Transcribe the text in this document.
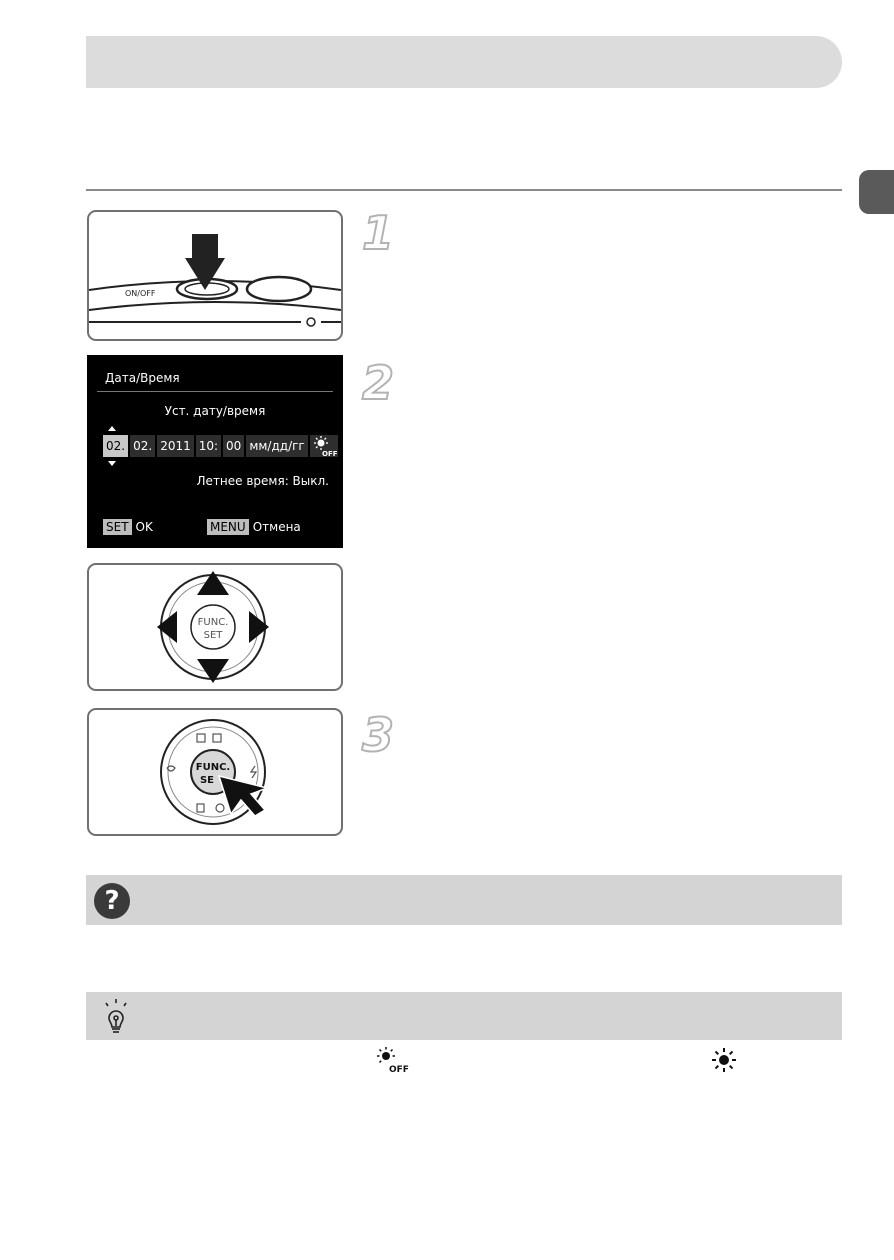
ON/OFF
1
Дата/Время
Уст. дату/время
02. 02. 2011 10: 00 мм/дд/гг
OFF
Летнее время: Выкл.
SET OK	MENU Отмена
2
FUNC.
SET
FUNC.
SE
3
?
OFF
